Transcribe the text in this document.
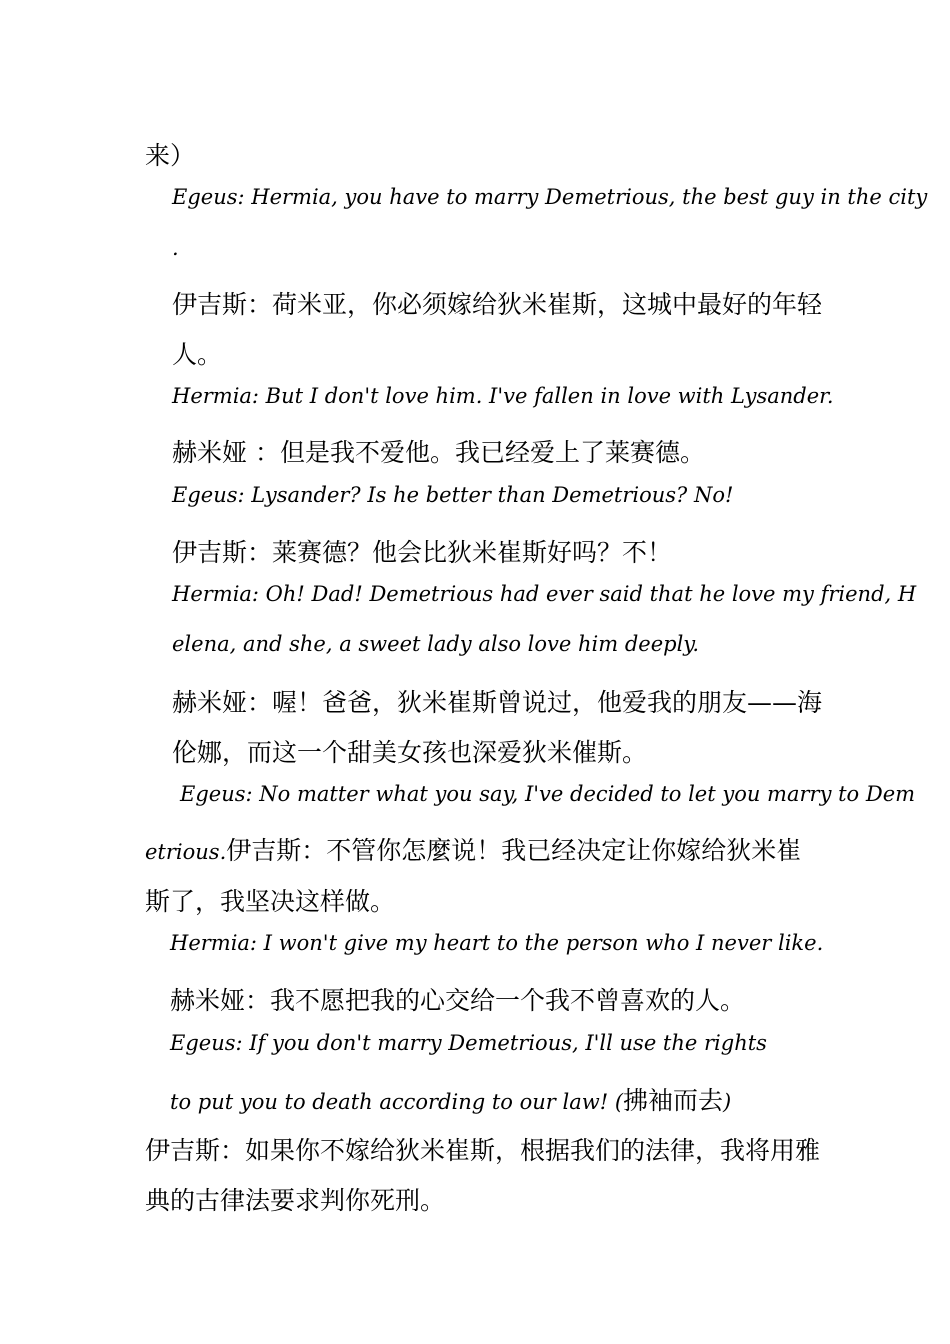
来）
Egeus: Hermia, you have to marry Demetrious, the best guy in the city
.
伊吉斯：荷米亚，你必须嫁给狄米崔斯，这城中最好的年轻
人。
Hermia: But I don't love him. I've fallen in love with Lysander.
赫米娅 ：但是我不爱他。我已经爱上了莱赛德。
Egeus: Lysander? Is he better than Demetrious? No!
伊吉斯：莱赛德？他会比狄米崔斯好吗？不！
Hermia: Oh! Dad! Demetrious had ever said that he love my friend, H
elena, and she, a sweet lady also love him deeply.
赫米娅：喔！爸爸，狄米崔斯曾说过，他爱我的朋友——海
伦娜，而这一个甜美女孩也深爱狄米催斯。
Egeus: No matter what you say, I've decided to let you marry to Dem
etrious.伊吉斯：不管你怎麼说！我已经决定让你嫁给狄米崔
斯了，我坚决这样做。
Hermia: I won't give my heart to the person who I never like.
赫米娅：我不愿把我的心交给一个我不曾喜欢的人。
Egeus: If you don't marry Demetrious, I'll use the rights
to put you to death according to our law! (拂袖而去)
伊吉斯：如果你不嫁给狄米崔斯，根据我们的法律，我将用雅
典的古律法要求判你死刑。
